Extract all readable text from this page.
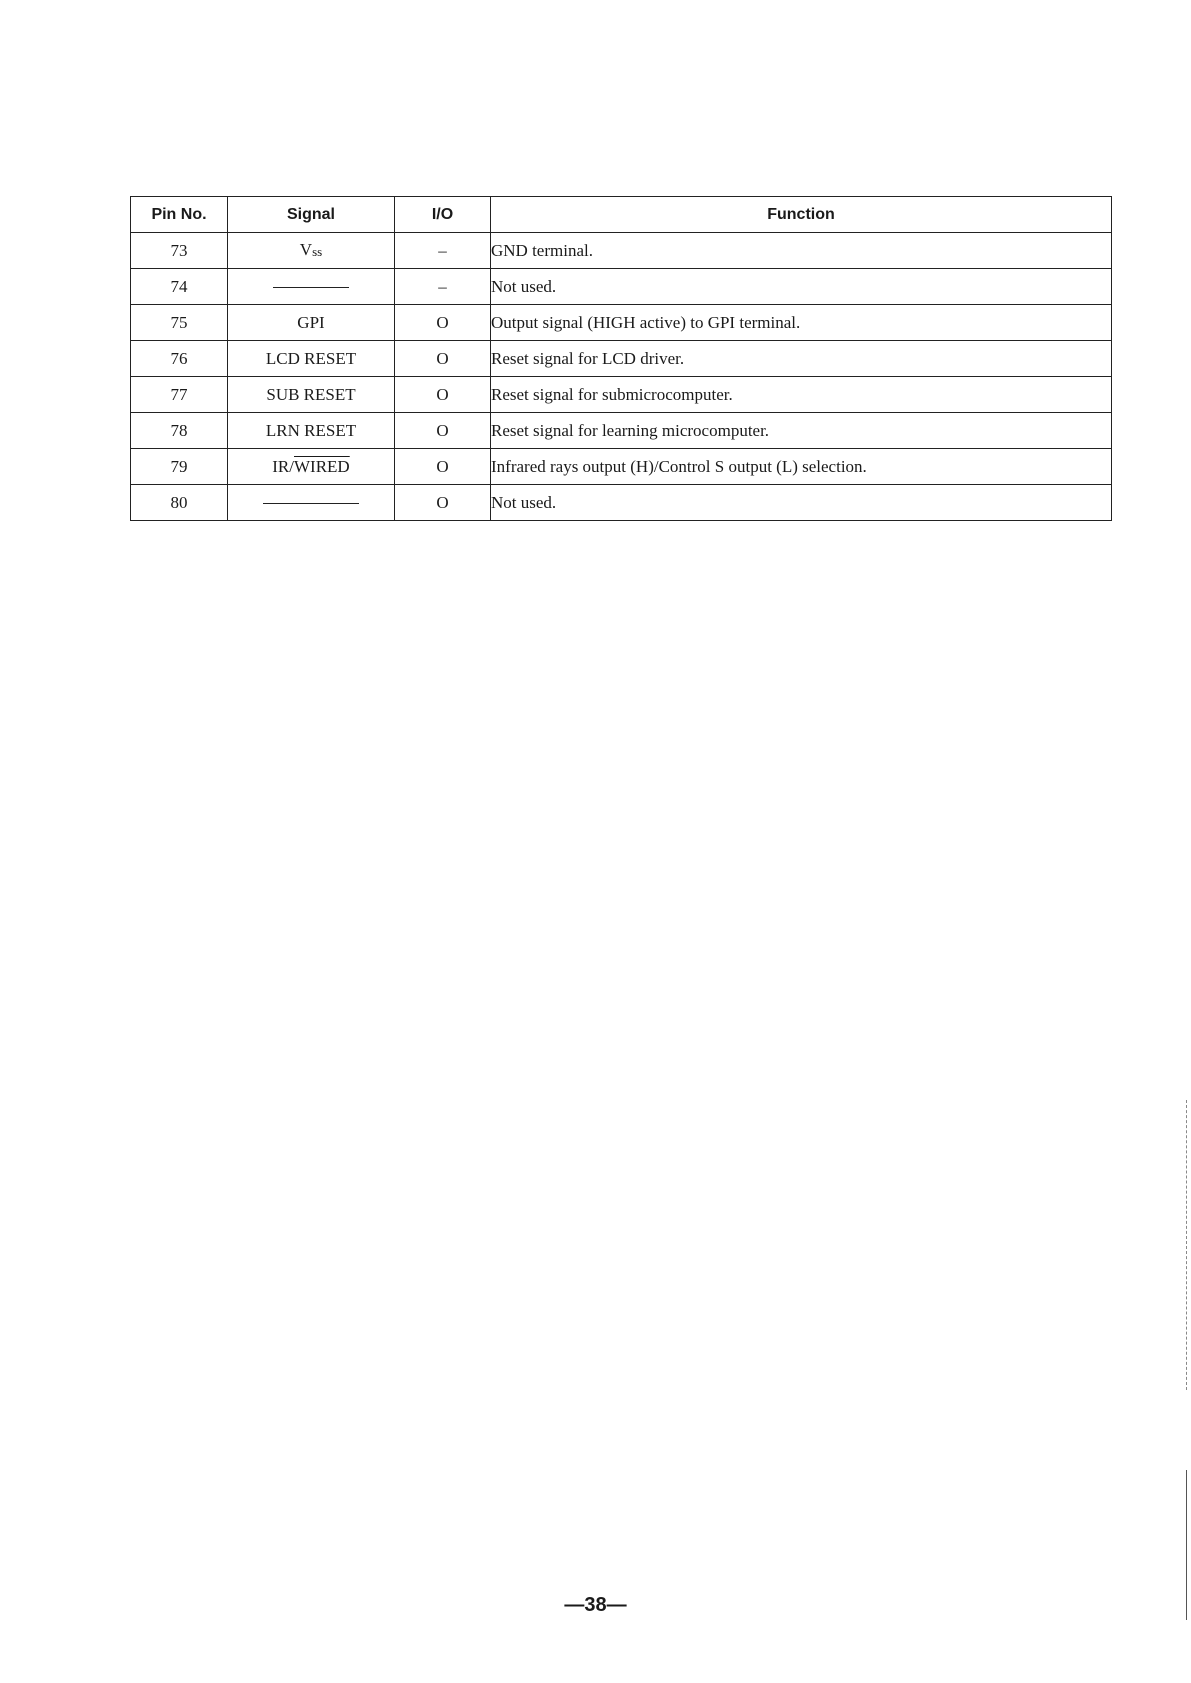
Pin No.	Signal	I/O	Function
73	Vss	–	GND terminal.
74		–	Not used.
75	GPI	O	Output signal (HIGH active) to GPI terminal.
76	LCD RESET	O	Reset signal for LCD driver.
77	SUB RESET	O	Reset signal for submicrocomputer.
78	LRN RESET	O	Reset signal for learning microcomputer.
79	IR/WIRED	O	Infrared rays output (H)/Control S output (L) selection.
80		O	Not used.
—38—
